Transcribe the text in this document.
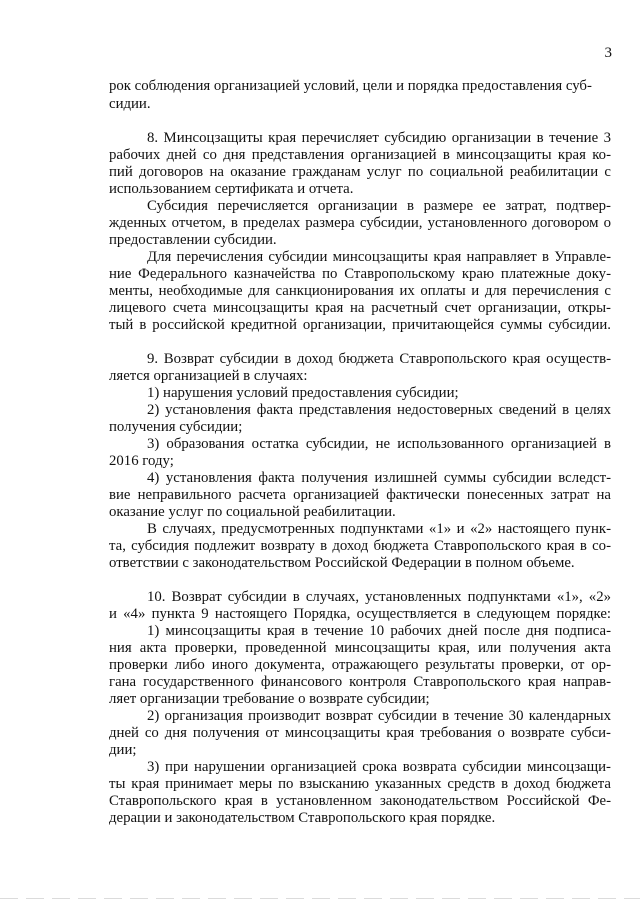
3
рок соблюдения организацией условий, цели и порядка предоставления суб-
сидии.
8. Минсоцзащиты края перечисляет субсидию организации в течение 3
рабочих дней со дня представления организацией в минсоцзащиты края ко-
пий договоров на оказание гражданам услуг по социальной реабилитации с
использованием сертификата и отчета.
Субсидия перечисляется организации в размере ее затрат, подтвер-
жденных отчетом, в пределах размера субсидии, установленного договором о
предоставлении субсидии.
Для перечисления субсидии минсоцзащиты края направляет в Управле-
ние Федерального казначейства по Ставропольскому краю платежные доку-
менты, необходимые для санкционирования их оплаты и для перечисления с
лицевого счета минсоцзащиты края на расчетный счет организации, откры-
тый в российской кредитной организации, причитающейся суммы субсидии.
9. Возврат субсидии в доход бюджета Ставропольского края осуществ-
ляется организацией в случаях:
1) нарушения условий предоставления субсидии;
2) установления факта представления недостоверных сведений в целях
получения субсидии;
3) образования остатка субсидии, не использованного организацией в
2016 году;
4) установления факта получения излишней суммы субсидии вследст-
вие неправильного расчета организацией фактически понесенных затрат на
оказание услуг по социальной реабилитации.
В случаях, предусмотренных подпунктами «1» и «2» настоящего пунк-
та, субсидия подлежит возврату в доход бюджета Ставропольского края в со-
ответствии с законодательством Российской Федерации в полном объеме.
10. Возврат субсидии в случаях, установленных подпунктами «1», «2»
и «4» пункта 9 настоящего Порядка, осуществляется в следующем порядке:
1) минсоцзащиты края в течение 10 рабочих дней после дня подписа-
ния акта проверки, проведенной минсоцзащиты края, или получения акта
проверки либо иного документа, отражающего результаты проверки, от ор-
гана государственного финансового контроля Ставропольского края направ-
ляет организации требование о возврате субсидии;
2) организация производит возврат субсидии в течение 30 календарных
дней со дня получения от минсоцзащиты края требования о возврате субси-
дии;
3) при нарушении организацией срока возврата субсидии минсоцзащи-
ты края принимает меры по взысканию указанных средств в доход бюджета
Ставропольского края в установленном законодательством Российской Фе-
дерации и законодательством Ставропольского края порядке.
